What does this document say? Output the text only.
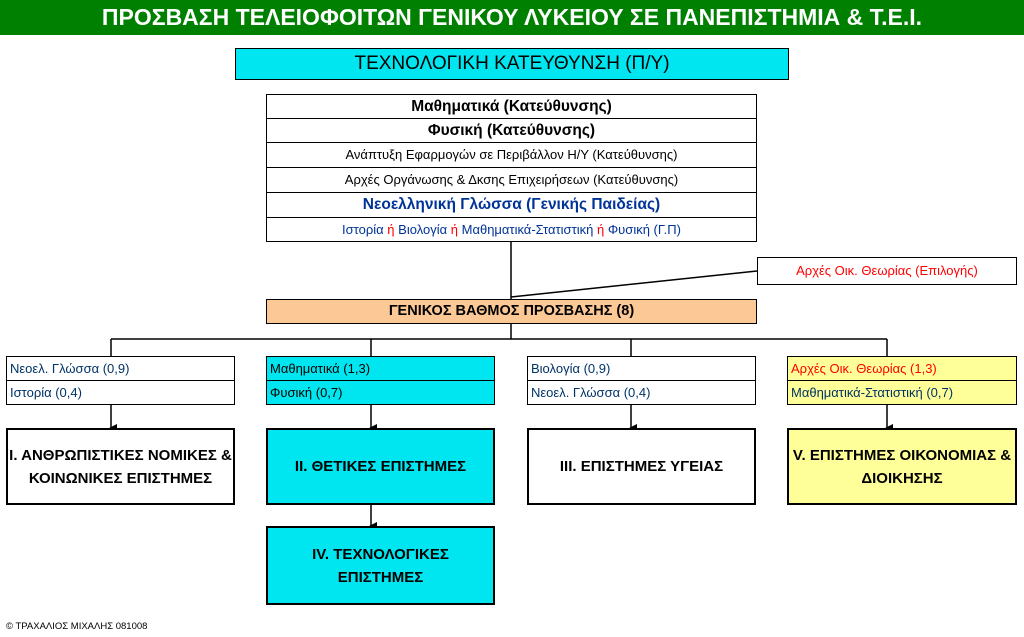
ΠΡΟΣΒΑΣΗ ΤΕΛΕΙΟΦΟΙΤΩΝ ΓΕΝΙΚΟΥ ΛΥΚΕΙΟΥ ΣΕ ΠΑΝΕΠΙΣΤΗΜΙΑ & Τ.Ε.Ι.
ΤΕΧΝΟΛΟΓΙΚΗ ΚΑΤΕΥΘΥΝΣΗ (Π/Υ)
Μαθηματικά (Κατεύθυνσης)
Φυσική (Κατεύθυνσης)
Ανάπτυξη Εφαρμογών σε Περιβάλλον Η/Υ (Κατεύθυνσης)
Αρχές Οργάνωσης & Δκσης Επιχειρήσεων (Κατεύθυνσης)
Νεοελληνική Γλώσσα (Γενικής Παιδείας)
Ιστορία ή Βιολογία ή Μαθηματικά-Στατιστική ή Φυσική (Γ.Π)
Αρχές Οικ. Θεωρίας (Επιλογής)
ΓΕΝΙΚΟΣ ΒΑΘΜΟΣ ΠΡΟΣΒΑΣΗΣ (8)
Νεοελ. Γλώσσα (0,9)
Ιστορία (0,4)
Μαθηματικά (1,3)
Φυσική (0,7)
Βιολογία (0,9)
Νεοελ. Γλώσσα (0,4)
Αρχές Οικ. Θεωρίας (1,3)
Μαθηματικά-Στατιστική (0,7)
Ι. ΑΝΘΡΩΠΙΣΤΙΚΕΣ ΝΟΜΙΚΕΣ & ΚΟΙΝΩΝΙΚΕΣ ΕΠΙΣΤΗΜΕΣ
ΙΙ. ΘΕΤΙΚΕΣ ΕΠΙΣΤΗΜΕΣ	ΙΙΙ. ΕΠΙΣΤΗΜΕΣ ΥΓΕΙΑΣ
V. ΕΠΙΣΤΗΜΕΣ ΟΙΚΟΝΟΜΙΑΣ & ΔΙΟΙΚΗΣΗΣ
IV. ΤΕΧΝΟΛΟΓΙΚΕΣ ΕΠΙΣΤΗΜΕΣ
© ΤΡΑΧΑΛΙΟΣ ΜΙΧΑΛΗΣ 081008
